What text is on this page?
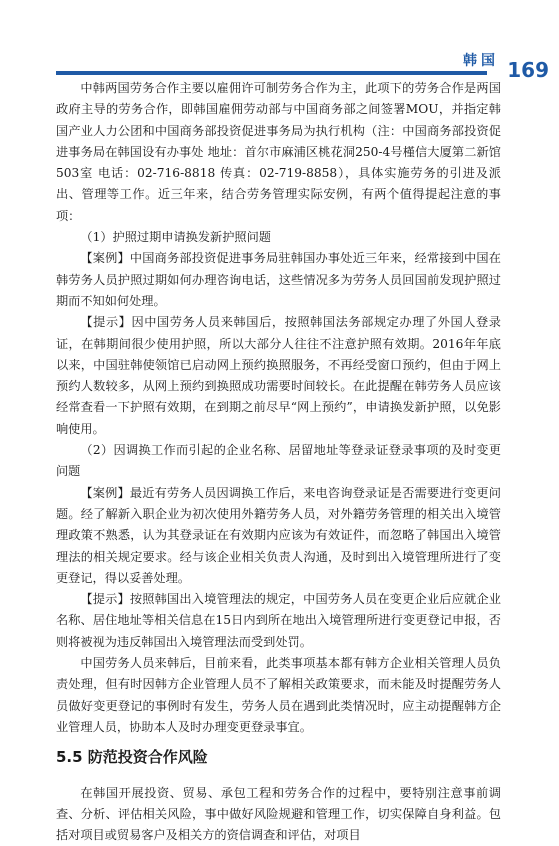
韩国 169

中韩两国劳务合作主要以雇佣许可制劳务合作为主，此项下的劳务合作是两国政府主导的劳务合作，即韩国雇佣劳动部与中国商务部之间签署MOU，并指定韩国产业人力公团和中国商务部投资促进事务局为执行机构（注：中国商务部投资促进事务局在韩国设有办事处 地址：首尔市麻浦区桃花洞250-4号槿信大厦第二新馆503室 电话：02-716-8818 传真：02-719-8858），具体实施劳务的引进及派出、管理等工作。近三年来，结合劳务管理实际安例，有两个值得提起注意的事项：

（1）护照过期申请换发新护照问题

【案例】中国商务部投资促进事务局驻韩国办事处近三年来，经常接到中国在韩劳务人员护照过期如何办理咨询电话，这些情况多为劳务人员回国前发现护照过期而不知如何处理。

【提示】因中国劳务人员来韩国后，按照韩国法务部规定办理了外国人登录证，在韩期间很少使用护照，所以大部分人往往不注意护照有效期。2016年年底以来，中国驻韩使领馆已启动网上预约换照服务，不再经受窗口预约，但由于网上预约人数较多，从网上预约到换照成功需要时间较长。在此提醒在韩劳务人员应该经常查看一下护照有效期，在到期之前尽早“网上预约”，申请换发新护照，以免影响使用。

（2）因调换工作而引起的企业名称、居留地址等登录证登录事项的及时变更问题

【案例】最近有劳务人员因调换工作后，来电咨询登录证是否需要进行变更问题。经了解新入职企业为初次使用外籍劳务人员，对外籍劳务管理的相关出入境管理政策不熟悉，认为其登录证在有效期内应该为有效证件，而忽略了韩国出入境管理法的相关规定要求。经与该企业相关负责人沟通，及时到出入境管理所进行了变更登记，得以妥善处理。

【提示】按照韩国出入境管理法的规定，中国劳务人员在变更企业后应就企业名称、居住地址等相关信息在15日内到所在地出入境管理所进行变更登记申报，否则将被视为违反韩国出入境管理法而受到处罚。

中国劳务人员来韩后，目前来看，此类事项基本都有韩方企业相关管理人员负责处理，但有时因韩方企业管理人员不了解相关政策要求，而未能及时提醒劳务人员做好变更登记的事例时有发生，劳务人员在遇到此类情况时，应主动提醒韩方企业管理人员，协助本人及时办理变更登录事宜。

5.5 防范投资合作风险

在韩国开展投资、贸易、承包工程和劳务合作的过程中，要特别注意事前调查、分析、评估相关风险，事中做好风险规避和管理工作，切实保障自身利益。包括对项目或贸易客户及相关方的资信调查和评估，对项目
